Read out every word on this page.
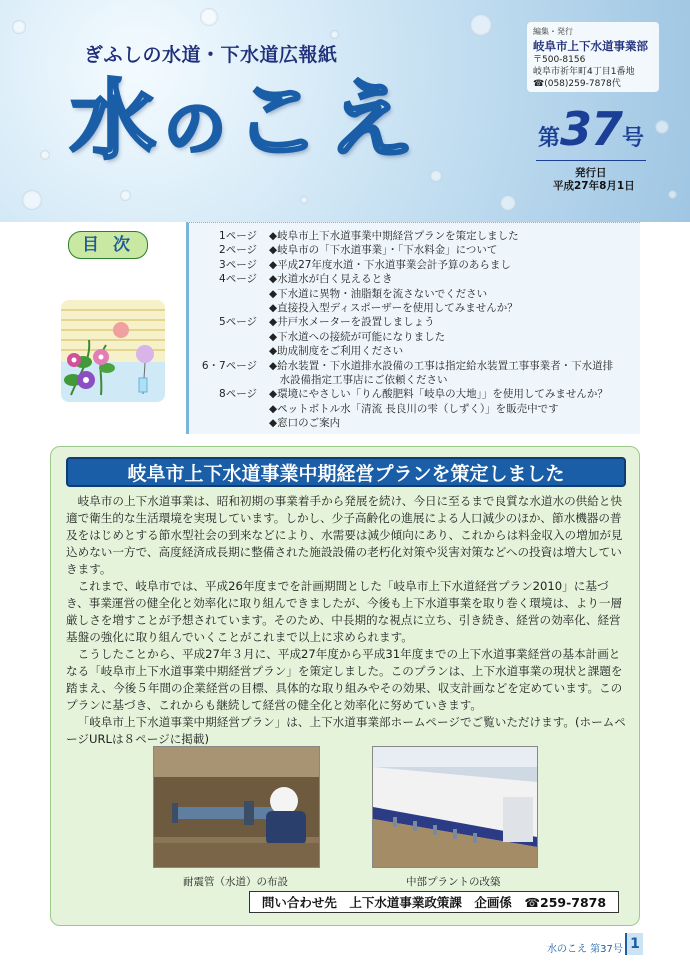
ぎふしの水道・下水道広報紙
水のこえ
編集・発行
岐阜市上下水道事業部
〒500-8156
岐阜市祈年町4丁目1番地
☎(058)259-7878代
第37号
発行日
平成27年8月1日
目 次	1ページ ◆岐阜市上下水道事業中期経営プランを策定しました
2ページ ◆岐阜市の「下水道事業」・「下水料金」について
3ページ ◆平成27年度水道・下水道事業会計予算のあらまし
4ページ ◆水道水が白く見えるとき
◆下水道に異物・油脂類を流さないでください
◆直接投入型ディスポーザーを使用してみませんか？
5ページ ◆井戸水メーターを設置しましょう
◆下水道への接続が可能になりました
◆助成制度をご利用ください
6・7ページ ◆給水装置・下水道排水設備の工事は指定給水装置工事事業者・下水道排
　水設備指定工事店にご依頼ください
8ページ ◆環境にやさしい「りん酸肥料「岐阜の大地」」を使用してみませんか？
◆ペットボトル水「清流 長良川の雫（しずく）」を販売中です
◆窓口のご案内
岐阜市上下水道事業中期経営プランを策定しました

岐阜市の上下水道事業は、昭和初期の事業着手から発展を続け、今日に至るまで良質な水道水の供給と快適で衛生的な生活環境を実現しています。しかし、少子高齢化の進展による人口減少のほか、節水機器の普及をはじめとする節水型社会の到来などにより、水需要は減少傾向にあり、これからは料金収入の増加が見込めない一方で、高度経済成長期に整備された施設設備の老朽化対策や災害対策などへの投資は増大していきます。

これまで、岐阜市では、平成26年度までを計画期間とした「岐阜市上下水道経営プラン2010」に基づき、事業運営の健全化と効率化に取り組んできましたが、今後も上下水道事業を取り巻く環境は、より一層厳しさを増すことが予想されています。そのため、中長期的な視点に立ち、引き続き、経営の効率化、経営基盤の強化に取り組んでいくことがこれまで以上に求められます。

こうしたことから、平成27年３月に、平成27年度から平成31年度までの上下水道事業経営の基本計画となる「岐阜市上下水道事業中期経営プラン」を策定しました。このプランは、上下水道事業の現状と課題を踏まえ、今後５年間の企業経営の目標、具体的な取り組みやその効果、収支計画などを定めています。このプランに基づき、これからも継続して経営の健全化と効率化に努めていきます。

「岐阜市上下水道事業中期経営プラン」は、上下水道事業部ホームページでご覧いただけます。(ホームページURLは８ページに掲載)

耐震管（水道）の布設	中部プラントの改築
問い合わせ先　上下水道事業政策課　企画係　☎259-7878
水のこえ 第37号 1
